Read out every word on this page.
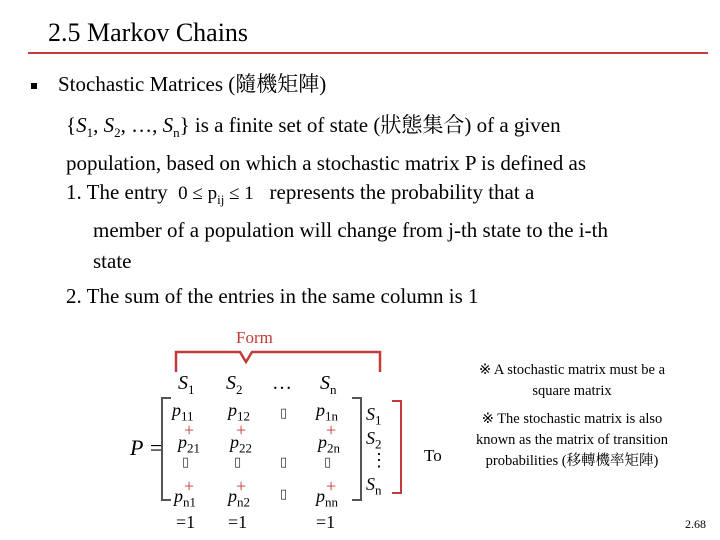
2.5 Markov Chains
Stochastic Matrices (隨機矩陣)
{$S_1$, $S_2$, …, $S_n$} is a finite set of state (狀態集合) of a given
population, based on which a stochastic matrix P is defined as
1. The entry $0 \le p_{ij} \le 1$ represents the probability that a
member of a population will change from j-th state to the i-th
state
2. The sum of the entries in the same column is 1
Form
$S_1$ $S_2$ … $S_n$
P =
$p_{11}$
+
$p_{21}$
▯
+
$p_{n1}$
$p_{12}$
+
$p_{22}$
▯
+
$p_{n2}$
▯
▯
▯
$p_{1n}$
+
$p_{2n}$
▯
+
$p_{nn}$
=1 =1	=1
$S_1$
$S_2$
⋮
$S_n$
To
※ A stochastic matrix must be a square matrix
※ The stochastic matrix is also known as the matrix of transition probabilities (移轉機率矩陣)
2.68
